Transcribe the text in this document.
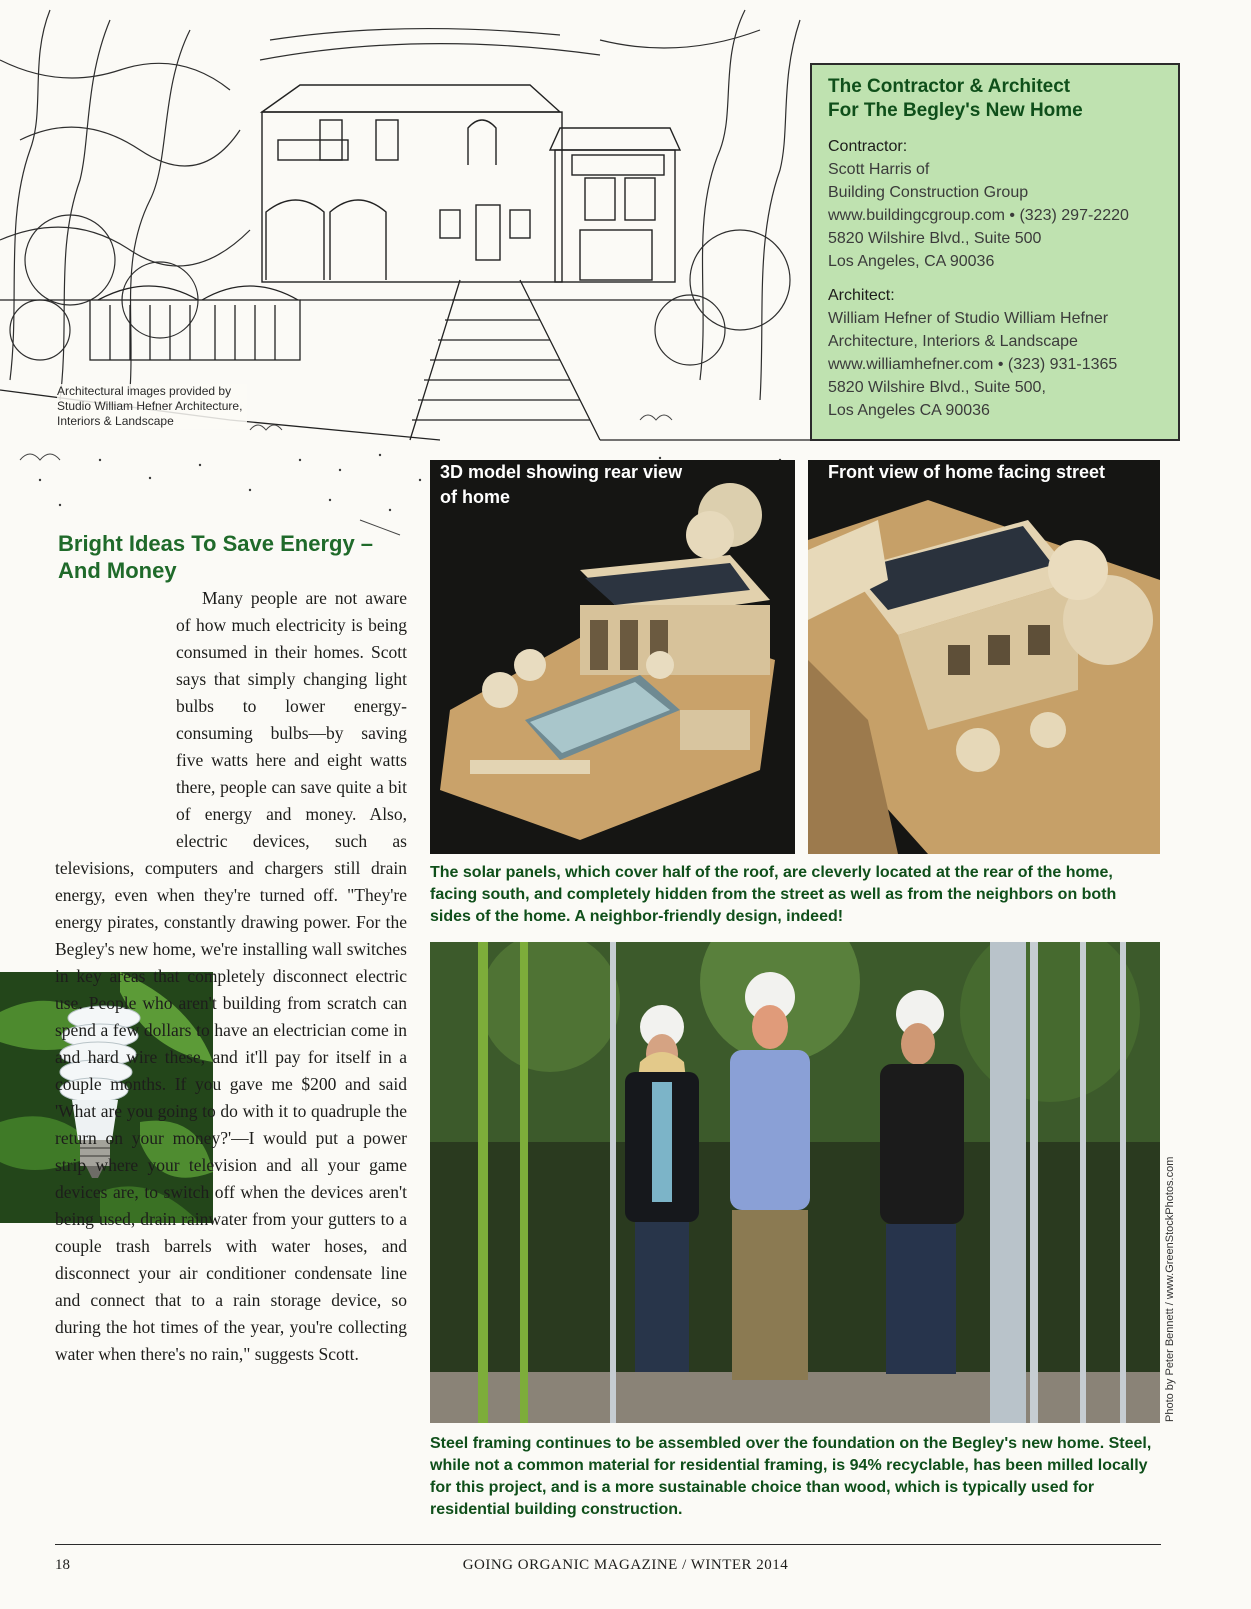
Architectural images provided by Studio William Hefner Architecture, Interiors & Landscape
The Contractor & Architect
For The Begley's New Home
Contractor:
Scott Harris of
Building Construction Group
www.buildingcgroup.com • (323) 297-2220
5820 Wilshire Blvd., Suite 500
Los Angeles, CA 90036
Architect:
William Hefner of Studio William Hefner
Architecture, Interiors & Landscape
www.williamhefner.com • (323) 931-1365
5820 Wilshire Blvd., Suite 500,
Los Angeles CA 90036
3D model showing rear view of home
Front view of home facing street
The solar panels, which cover half of the roof, are cleverly located at the rear of the home, facing south, and completely hidden from the street as well as from the neighbors on both sides of the home. A neighbor-friendly design, indeed!
Photo by Peter Bennett / www.GreenStockPhotos.com
Steel framing continues to be assembled over the foundation on the Begley's new home. Steel, while not a common material for residential framing, is 94% recyclable, has been milled locally for this project, and is a more sustainable choice than wood, which is typically used for residential building construction.
Bright Ideas To Save Energy – And Money

Many people are not aware of how much electricity is being consumed in their homes. Scott says that simply changing light bulbs to lower energy-consuming bulbs—by saving five watts here and eight watts there, people can save quite a bit of energy and money. Also, electric devices, such as televisions, computers and chargers still drain energy, even when they're turned off. "They're energy pirates, constantly drawing power. For the Begley's new home, we're installing wall switches in key areas that completely disconnect electric use. People who aren't building from scratch can spend a few dollars to have an electrician come in and hard wire these, and it'll pay for itself in a couple months. If you gave me $200 and said 'What are you going to do with it to quadruple the return on your money?'—I would put a power strip where your television and all your game devices are, to switch off when the devices aren't being used, drain rainwater from your gutters to a couple trash barrels with water hoses, and disconnect your air conditioner condensate line and connect that to a rain storage device, so during the hot times of the year, you're collecting water when there's no rain," suggests Scott.

18	GOING ORGANIC MAGAZINE / WINTER 2014
